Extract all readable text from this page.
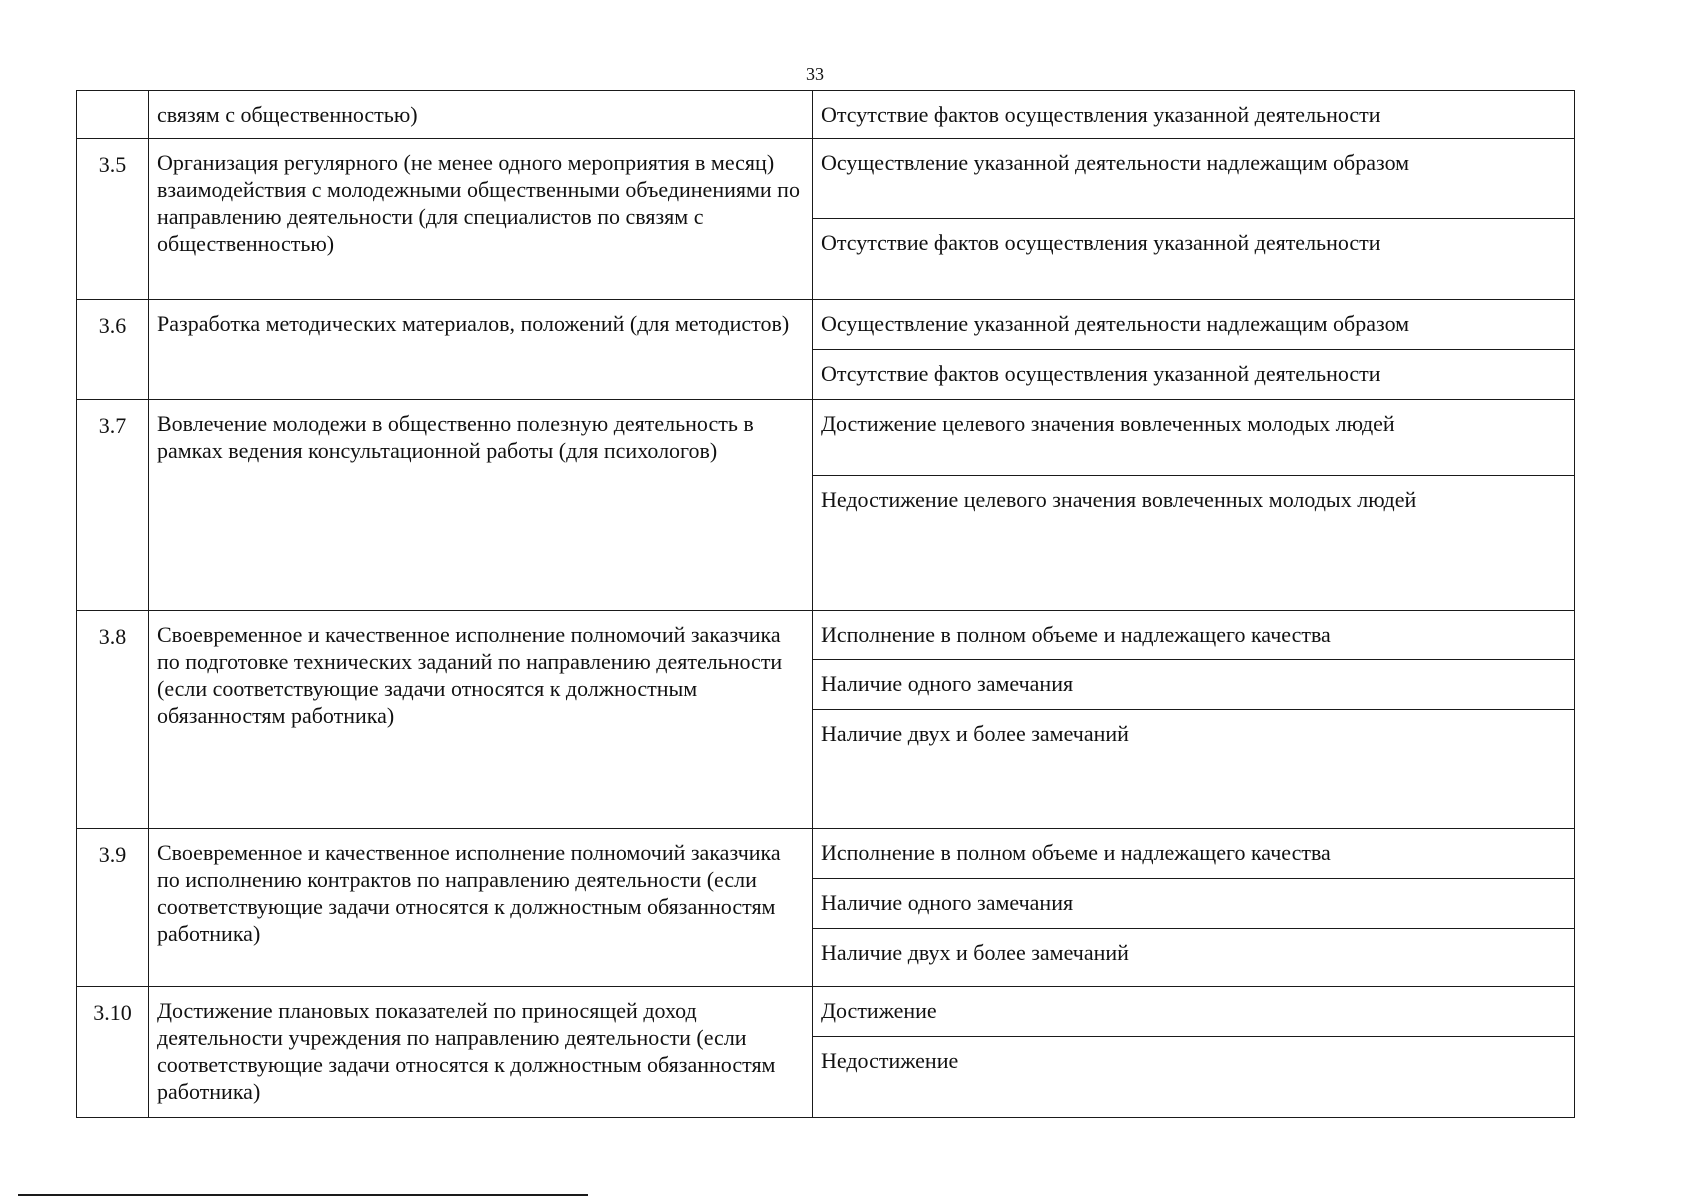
33
	связям с общественностью)	Отсутствие фактов осуществления указанной деятельности
3.5	Организация регулярного (не менее одного мероприятия в месяц) взаимодействия с молодежными общественными объединениями по направлению деятельности (для специалистов по связям с общественностью)	Осуществление указанной деятельности надлежащим образом
		Отсутствие фактов осуществления указанной деятельности
3.6	Разработка методических материалов, положений (для методистов)	Осуществление указанной деятельности надлежащим образом
		Отсутствие фактов осуществления указанной деятельности
3.7	Вовлечение молодежи в общественно полезную деятельность в рамках ведения консультационной работы (для психологов)	Достижение целевого значения вовлеченных молодых людей
		Недостижение целевого значения вовлеченных молодых людей
3.8	Своевременное и качественное исполнение полномочий заказчика по подготовке технических заданий по направлению деятельности (если соответствующие задачи относятся к должностным обязанностям работника)	Исполнение в полном объеме и надлежащего качества
		Наличие одного замечания
		Наличие двух и более замечаний
3.9	Своевременное и качественное исполнение полномочий заказчика по исполнению контрактов по направлению деятельности (если соответствующие задачи относятся к должностным обязанностям работника)	Исполнение в полном объеме и надлежащего качества
		Наличие одного замечания
		Наличие двух и более замечаний
3.10	Достижение плановых показателей по приносящей доход деятельности учреждения по направлению деятельности (если соответствующие задачи относятся к должностным обязанностям работника)	Достижение
		Недостижение
